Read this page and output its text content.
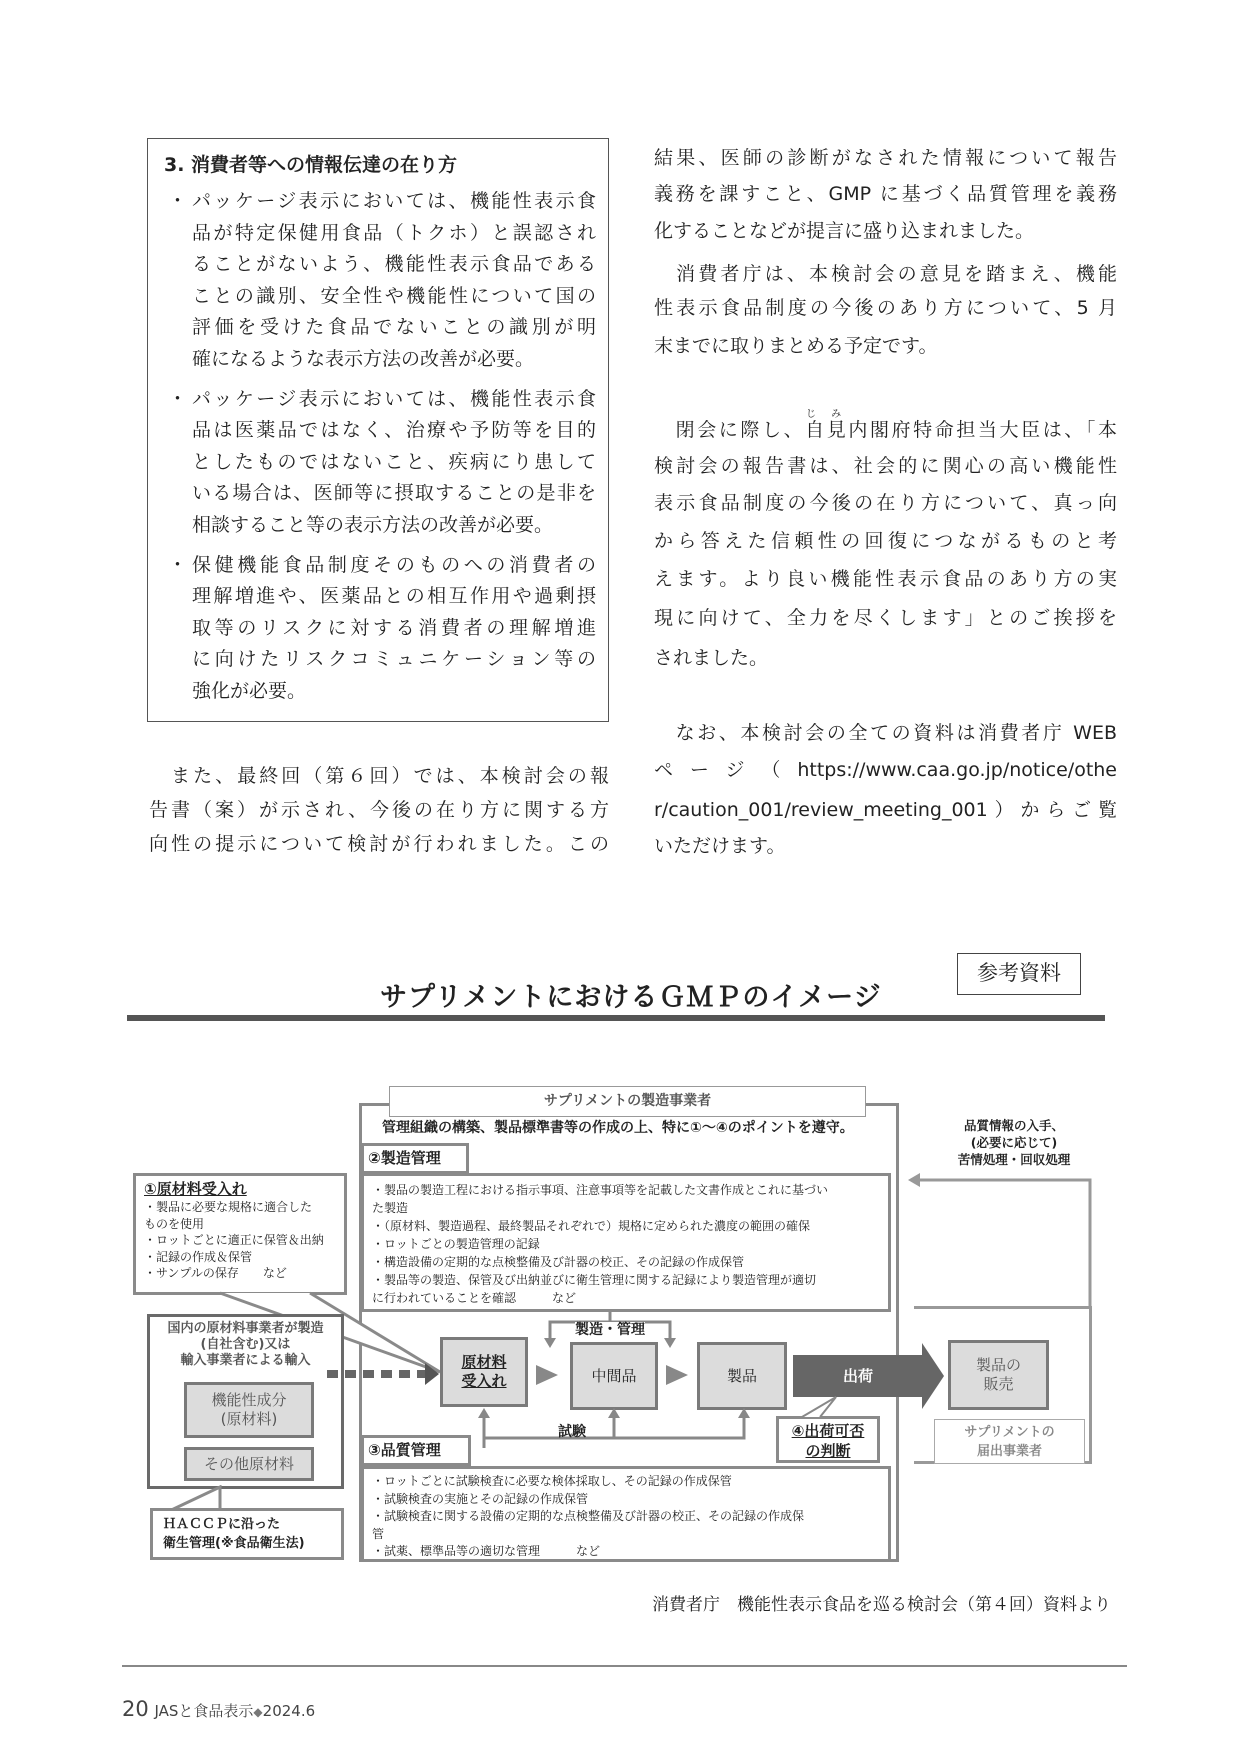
3. 消費者等への情報伝達の在り方
・ パッケージ表示においては、機能性表示食
品が特定保健用食品（トクホ）と誤認され
ることがないよう、機能性表示食品である
ことの識別、安全性や機能性について国の
評価を受けた食品でないことの識別が明
確になるような表示方法の改善が必要。
・ パッケージ表示においては、機能性表示食
品は医薬品ではなく、治療や予防等を目的
としたものではないこと、疾病にり患して
いる場合は、医師等に摂取することの是非を
相談すること等の表示方法の改善が必要。
・ 保健機能食品制度そのものへの消費者の
理解増進や、医薬品との相互作用や過剰摂
取等のリスクに対する消費者の理解増進
に向けたリスクコミュニケーション等の
強化が必要。
　また、最終回（第６回）では、本検討会の報
告書（案）が示され、今後の在り方に関する方
向性の提示について検討が行われました。この
結果、医師の診断がなされた情報について報告
義務を課すこと、GMP に基づく品質管理を義務
化することなどが提言に盛り込まれました。
　消費者庁は、本検討会の意見を踏まえ、機能
性表示食品制度の今後のあり方について、5 月
末までに取りまとめる予定です。
　閉会に際し、自見内閣府特命担当大臣は、「本
検討会の報告書は、社会的に関心の高い機能性
表示食品制度の今後の在り方について、真っ向
から答えた信頼性の回復につながるものと考
えます。より良い機能性表示食品のあり方の実
現に向けて、全力を尽くします」とのご挨拶を
されました。
　なお、本検討会の全ての資料は消費者庁 WEB
ページ（https://www.caa.go.jp/notice/othe
r/caution_001/review_meeting_001）からご覧
いただけます。
じ み
サプリメントにおけるＧＭＰのイメージ
参考資料
サプリメントの製造事業者
管理組織の構築、製品標準書等の作成の上、特に①～④のポイントを遵守。
②製造管理
・製品の製造工程における指示事項、注意事項等を記載した文書作成とこれに基づい
た製造
・（原材料、製造過程、最終製品それぞれで）規格に定められた濃度の範囲の確保
・ロットごとの製造管理の記録
・構造設備の定期的な点検整備及び計器の校正、その記録の作成保管
・製品等の製造、保管及び出納並びに衛生管理に関する記録により製造管理が適切
に行われていることを確認　　　など
①原材料受入れ
・製品に必要な規格に適合した
ものを使用
・ロットごとに適正に保管＆出納
・記録の作成＆保管
・サンプルの保存　　など
国内の原材料事業者が製造
(自社含む)又は
輸入事業者による輸入
機能性成分
(原材料)
その他原材料
ＨＡＣＣＰに沿った
衛生管理(※食品衛生法)
原材料
受入れ	中間品	製品	出荷
製造・管理
試験	④出荷可否
の判断
製品の
販売
サプリメントの
届出事業者
品質情報の入手、
(必要に応じて)
苦情処理・回収処理
③品質管理
・ロットごとに試験検査に必要な検体採取し、その記録の作成保管
・試験検査の実施とその記録の作成保管
・試験検査に関する設備の定期的な点検整備及び計器の校正、その記録の作成保
管
・試薬、標準品等の適切な管理　　　など
消費者庁　機能性表示食品を巡る検討会（第４回）資料より
20 JASと食品表示◆2024.6
